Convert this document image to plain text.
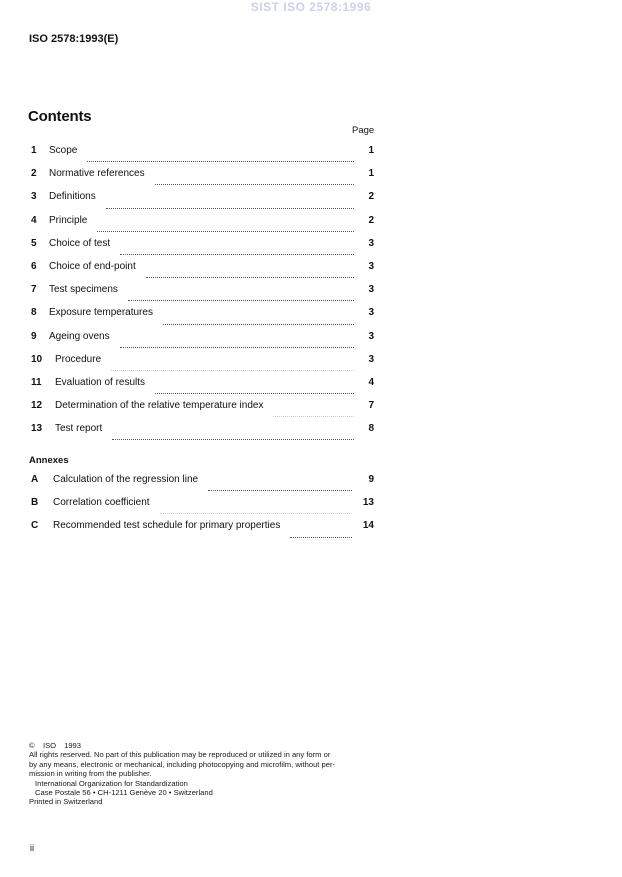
SIST ISO 2578:1996
ISO 2578:1993(E)
Contents
Page
1	Scope	1
2	Normative references	1
3	Definitions	2
4	Principle	2
5	Choice of test	3
6	Choice of end-point	3
7	Test specimens	3
8	Exposure temperatures	3
9	Ageing ovens	3
10	Procedure	3
11	Evaluation of results	4
12	Determination of the relative temperature index	7
13	Test report	8
Annexes
A	Calculation of the regression line	9
B	Correlation coefficient	13
C	Recommended test schedule for primary properties	14
© ISO 1993
All rights reserved. No part of this publication may be reproduced or utilized in any form or
by any means, electronic or mechanical, including photocopying and microfilm, without per-
mission in writing from the publisher.
International Organization for Standardization
Case Postale 56 • CH-1211 Genève 20 • Switzerland
Printed in Switzerland
ii
